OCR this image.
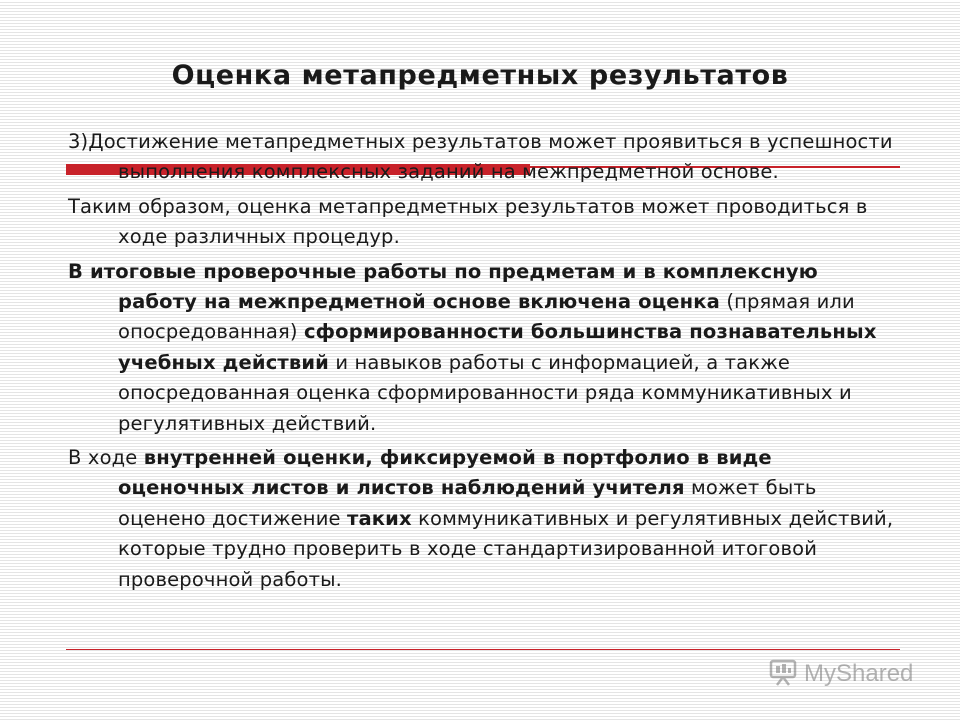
Оценка метапредметных результатов

3)Достижение метапредметных результатов может проявиться в успешности выполнения комплексных заданий на межпредметной основе.

Таким образом, оценка метапредметных результатов может проводиться в ходе различных процедур.

В итоговые проверочные работы по предметам и в комплексную работу на межпредметной основе включена оценка (прямая или опосредованная) сформированности большинства познавательных учебных действий и навыков работы с информацией, а также опосредованная оценка сформированности ряда коммуникативных и регулятивных действий.

В ходе внутренней оценки, фиксируемой в портфолио в виде оценочных листов и листов наблюдений учителя может быть оценено достижение таких коммуникативных и регулятивных действий, которые трудно проверить в ходе стандартизированной итоговой проверочной работы.

MyShared
